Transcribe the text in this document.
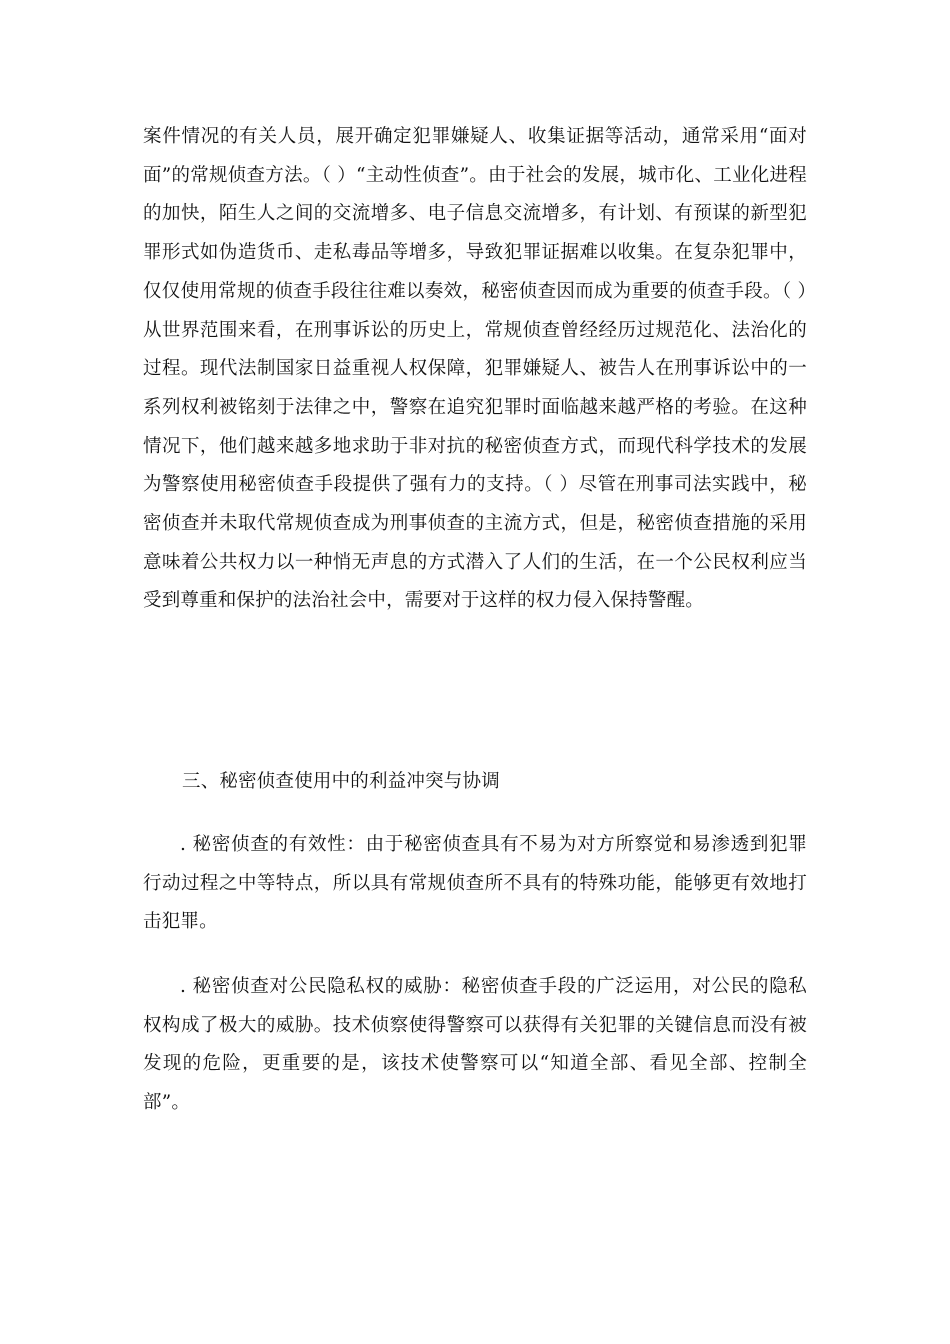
案件情况的有关人员，展开确定犯罪嫌疑人、收集证据等活动，通常采用“面对面”的常规侦查方法。（ ）“主动性侦查”。由于社会的发展，城市化、工业化进程的加快，陌生人之间的交流增多、电子信息交流增多，有计划、有预谋的新型犯罪形式如伪造货币、走私毒品等增多，导致犯罪证据难以收集。在复杂犯罪中，仅仅使用常规的侦查手段往往难以奏效，秘密侦查因而成为重要的侦查手段。（ ）从世界范围来看，在刑事诉讼的历史上，常规侦查曾经经历过规范化、法治化的过程。现代法制国家日益重视人权保障，犯罪嫌疑人、被告人在刑事诉讼中的一系列权利被铭刻于法律之中，警察在追究犯罪时面临越来越严格的考验。在这种情况下，他们越来越多地求助于非对抗的秘密侦查方式，而现代科学技术的发展为警察使用秘密侦查手段提供了强有力的支持。（ ）尽管在刑事司法实践中，秘密侦查并未取代常规侦查成为刑事侦查的主流方式，但是，秘密侦查措施的采用意味着公共权力以一种悄无声息的方式潜入了人们的生活，在一个公民权利应当受到尊重和保护的法治社会中，需要对于这样的权力侵入保持警醒。

三、秘密侦查使用中的利益冲突与协调

. 秘密侦查的有效性：由于秘密侦查具有不易为对方所察觉和易渗透到犯罪行动过程之中等特点，所以具有常规侦查所不具有的特殊功能，能够更有效地打击犯罪。

. 秘密侦查对公民隐私权的威胁：秘密侦查手段的广泛运用，对公民的隐私权构成了极大的威胁。技术侦察使得警察可以获得有关犯罪的关键信息而没有被发现的危险，更重要的是，该技术使警察可以“知道全部、看见全部、控制全部”。
